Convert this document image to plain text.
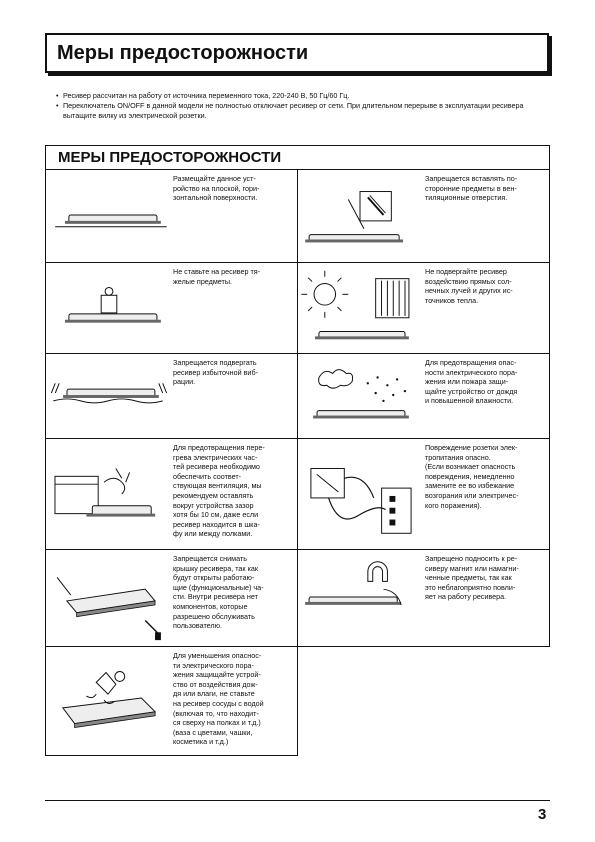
Меры предосторожности
• Ресивер рассчитан на работу от источника переменного тока, 220-240 В, 50 Гц/60 Гц.
• Переключатель ON/OFF в данной модели не полностью отключает ресивер от сети. При длительном перерыве в эксплуатации ресивера вытащите вилку из электрической розетки.
МЕРЫ ПРЕДОСТОРОЖНОСТИ
Размещайте данное уст-
ройство на плоской, гори-
зонтальной поверхности.
Запрещается вставлять по-
сторонние предметы в вен-
тиляционные отверстия.
Не ставьте на ресивер тя-
желые предметы.
Не подвергайте ресивер
воздействию прямых сол-
нечных лучей и других ис-
точников тепла.
Запрещается подвергать
ресивер избыточной виб-
рации.
Для предотвращения опас-
ности электрического пора-
жения или пожара защи-
щайте устройство от дождя
и повышенной влажности.
Для предотвращения пере-
грева электрических час-
тей ресивера необходимо
обеспечить соответ-
ствующая вентиляция, мы
рекомендуем оставлять
вокруг устройства зазор
хотя бы 10 см, даже если
ресивер находится в шка-
фу или между полками.
Повреждение розетки элек-
тропитания опасно.
(Если возникает опасность
повреждения, немедленно
замените ее во избежание
возгорания или электричес-
кого поражения).
Запрещается снимать
крышку ресивера, так как
будут открыты работаю-
щие (функциональные) ча-
сти. Внутри ресивера нет
компонентов, которые
разрешено обслуживать
пользователю.
Запрещено подносить к ре-
сиверу магнит или намагни-
ченные предметы, так как
это неблагоприятно повли-
яет на работу ресивера.
Для уменьшения опаснос-
ти электрического пора-
жения защищайте устрой-
ство от воздействия дож-
дя или влаги, не ставьте
на ресивер сосуды с водой
(включая то, что находит-
ся сверху на полках и т.д.)
(ваза с цветами, чашки,
косметика и т.д.)
3
